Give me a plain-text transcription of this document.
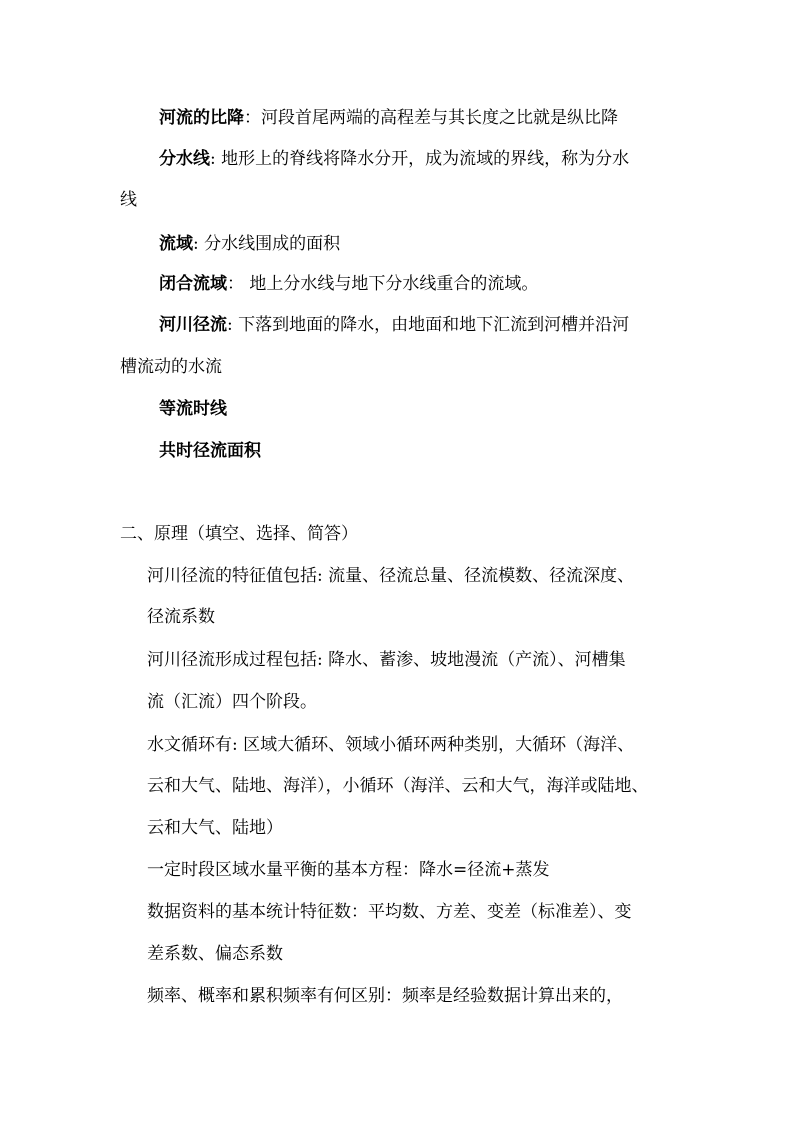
河流的比降：河段首尾两端的高程差与其长度之比就是纵比降
分水线: 地形上的脊线将降水分开，成为流域的界线，称为分水
线
流域: 分水线围成的面积
闭合流域： 地上分水线与地下分水线重合的流域。
河川径流: 下落到地面的降水，由地面和地下汇流到河槽并沿河
槽流动的水流
等流时线
共时径流面积
二、原理（填空、选择、简答）
河川径流的特征值包括: 流量、径流总量、径流模数、径流深度、
径流系数
河川径流形成过程包括: 降水、蓄渗、坡地漫流（产流）、河槽集
流（汇流）四个阶段。
水文循环有: 区域大循环、领域小循环两种类别，大循环（海洋、
云和大气、陆地、海洋），小循环（海洋、云和大气，海洋或陆地、
云和大气、陆地）
一定时段区域水量平衡的基本方程：降水=径流+蒸发
数据资料的基本统计特征数：平均数、方差、变差（标准差）、变
差系数、偏态系数
频率、概率和累积频率有何区别：频率是经验数据计算出来的，
